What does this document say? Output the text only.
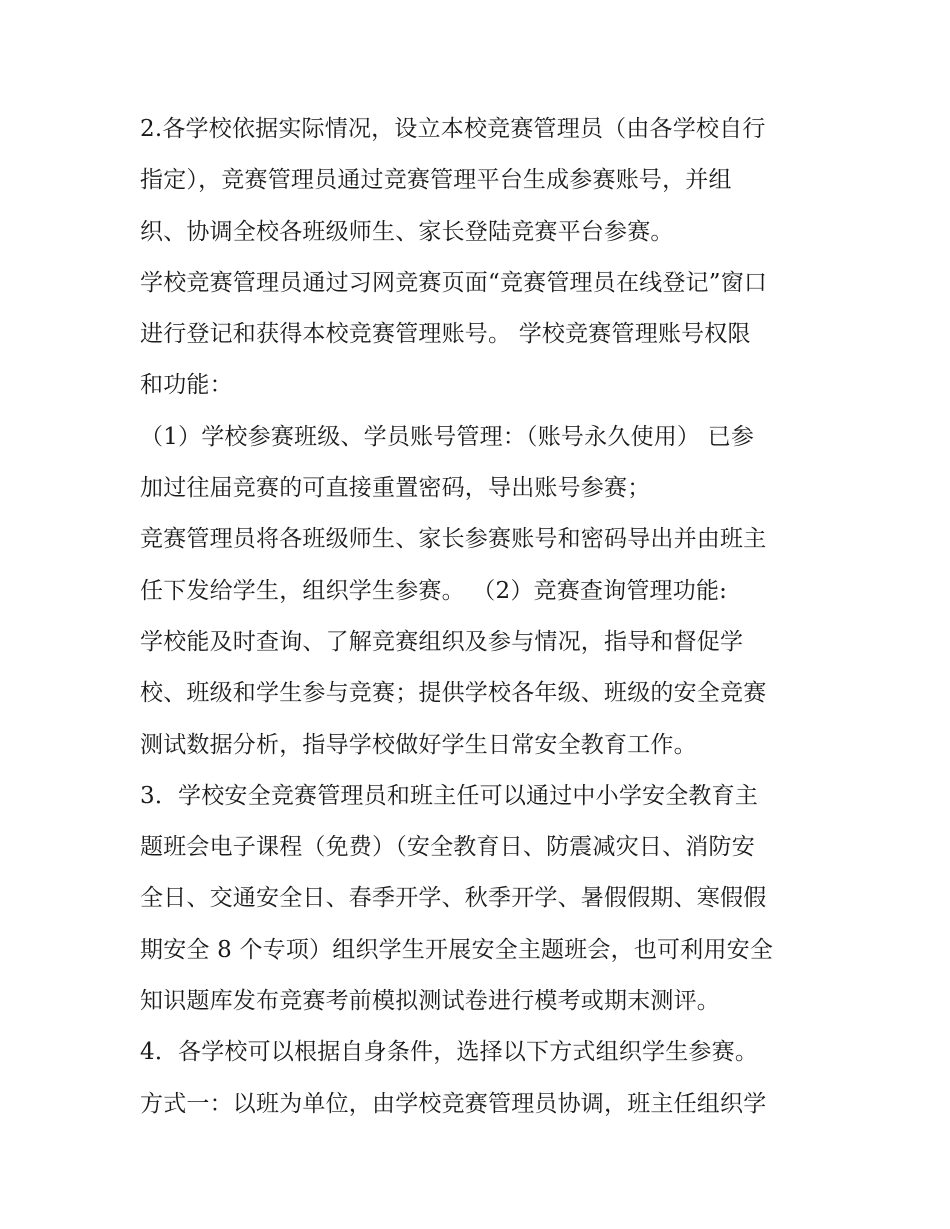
2.各学校依据实际情况，设立本校竞赛管理员（由各学校自行
指定），竞赛管理员通过竞赛管理平台生成参赛账号，并组
织、协调全校各班级师生、家长登陆竞赛平台参赛。
学校竞赛管理员通过习网竞赛页面“竞赛管理员在线登记”窗口
进行登记和获得本校竞赛管理账号。 学校竞赛管理账号权限
和功能：
（1）学校参赛班级、学员账号管理：（账号永久使用） 已参
加过往届竞赛的可直接重置密码，导出账号参赛；
竞赛管理员将各班级师生、家长参赛账号和密码导出并由班主
任下发给学生，组织学生参赛。 （2）竞赛查询管理功能:
学校能及时查询、了解竞赛组织及参与情况，指导和督促学
校、班级和学生参与竞赛；提供学校各年级、班级的安全竞赛
测试数据分析，指导学校做好学生日常安全教育工作。
3．学校安全竞赛管理员和班主任可以通过中小学安全教育主
题班会电子课程（免费）（安全教育日、防震减灾日、消防安
全日、交通安全日、春季开学、秋季开学、暑假假期、寒假假
期安全 8 个专项）组织学生开展安全主题班会，也可利用安全
知识题库发布竞赛考前模拟测试卷进行模考或期末测评。
4．各学校可以根据自身条件，选择以下方式组织学生参赛。
方式一：以班为单位，由学校竞赛管理员协调，班主任组织学
